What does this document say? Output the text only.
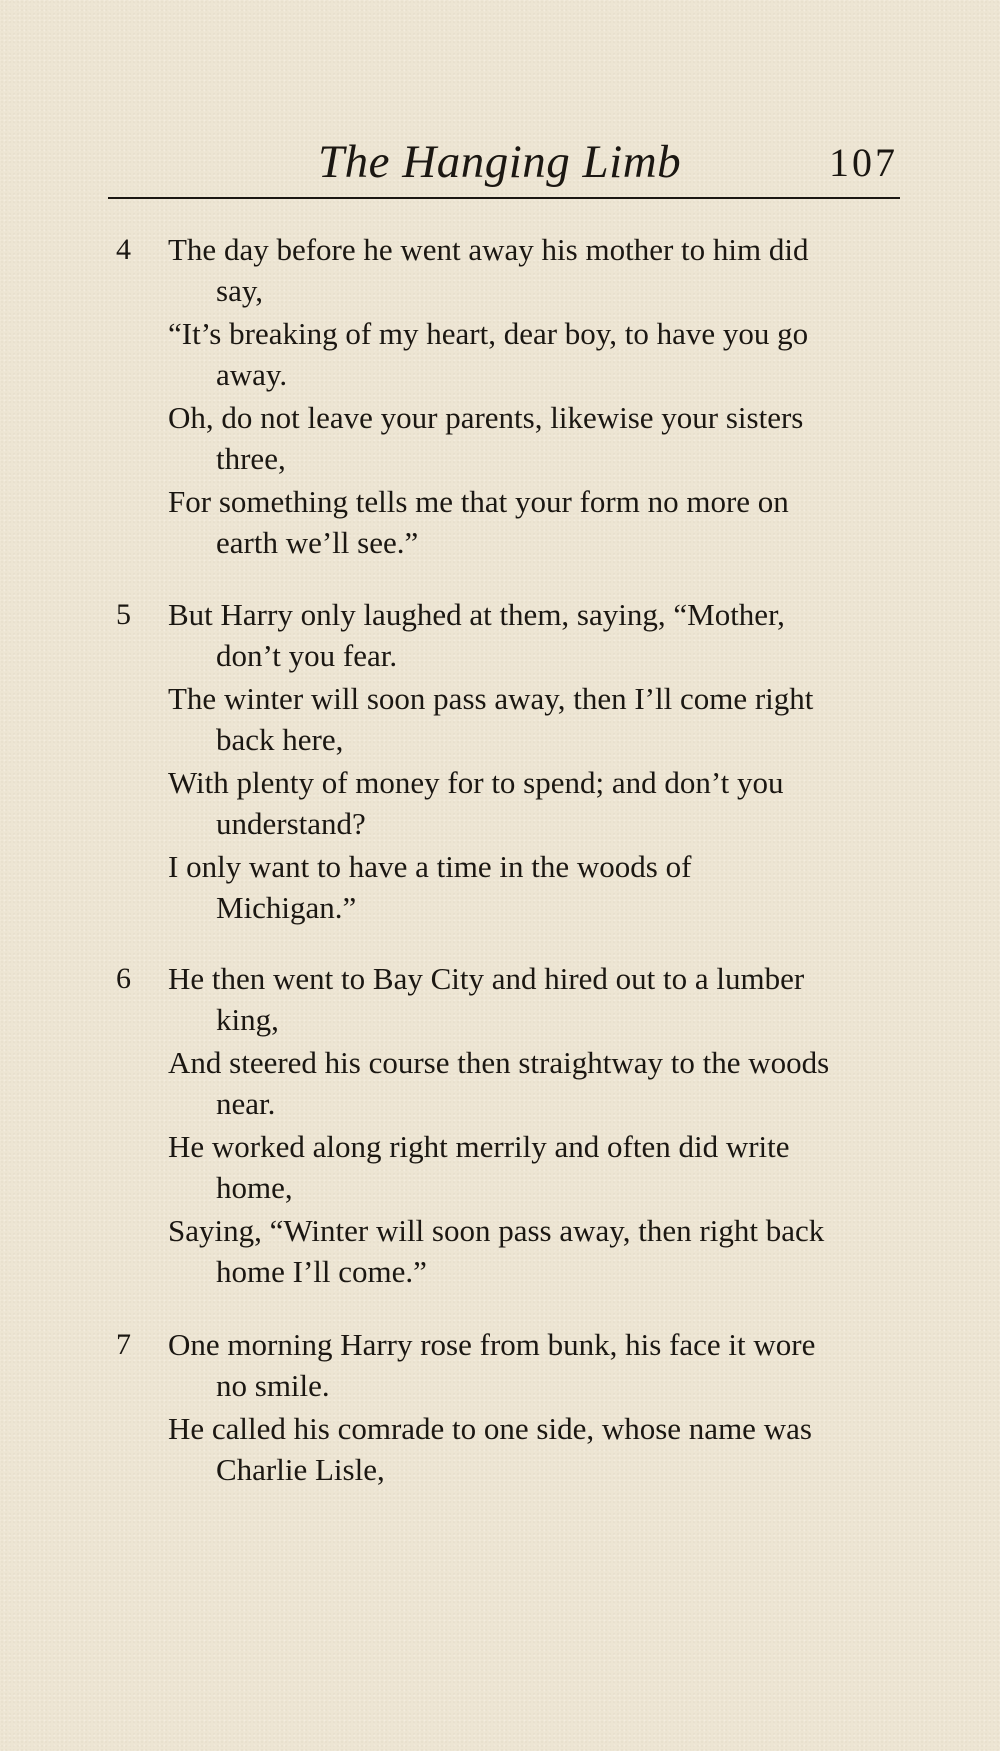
The Hanging Limb	107
4 The day before he went away his mother to him did
say,
“It’s breaking of my heart, dear boy, to have you go
away.
Oh, do not leave your parents, likewise your sisters
three,
For something tells me that your form no more on
earth we’ll see.”
5 But Harry only laughed at them, saying, “Mother,
don’t you fear.
The winter will soon pass away, then I’ll come right
back here,
With plenty of money for to spend; and don’t you
understand?
I only want to have a time in the woods of
Michigan.”
6 He then went to Bay City and hired out to a lumber
king,
And steered his course then straightway to the woods
near.
He worked along right merrily and often did write
home,
Saying, “Winter will soon pass away, then right back
home I’ll come.”
7 One morning Harry rose from bunk, his face it wore
no smile.
He called his comrade to one side, whose name was
Charlie Lisle,
